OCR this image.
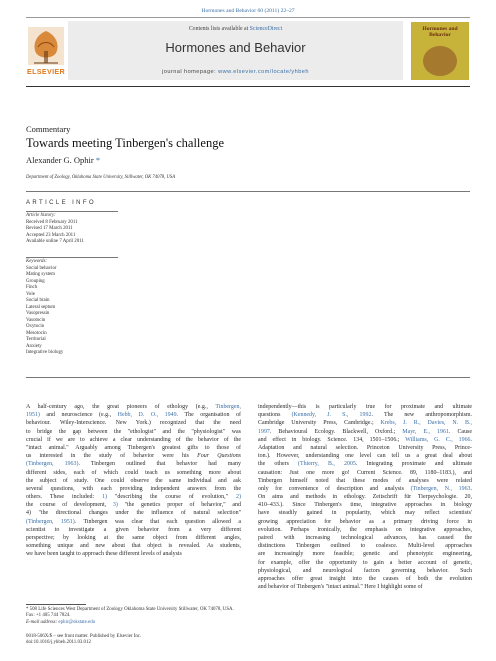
Hormones and Behavior 60 (2011) 22–27
ELSEVIER
Contents lists available at ScienceDirect
Hormones and Behavior
journal homepage: www.elsevier.com/locate/yhbeh
Hormones and Behavior
Commentary
Towards meeting Tinbergen's challenge
Alexander G. Ophir *
Department of Zoology, Oklahoma State University, Stillwater, OK 74078, USA
ARTICLE INFO
Article history:
Received 8 February 2011
Revised 17 March 2011
Accepted 23 March 2011
Available online 7 April 2011
Keywords:
Social behavior
Mating system
Grouping
Finch
Vole
Social brain
Lateral septum
Vasopressin
Vasotocin
Oxytocin
Mesotocin
Territorial
Anxiety
Integrative biology
A half-century ago, the great pioneers of ethology (e.g., Tinbergen,
1951) and neuroscience (e.g., Hebb, D. O., 1949. The organisation of
behaviour. Wiley-Interscience. New York.) recognized that the need
to bridge the gap between the "ethologist" and the "physiologist" was
crucial if we are to achieve a clear understanding of the behavior of the
"intact animal." Arguably among Tinbergen's greatest gifts to those of
us interested in the study of behavior were his Four Questions
(Tinbergen, 1963). Tinbergen outlined that behavior had many
different sides, each of which could teach us something more about
the subject of study. One could observe the same individual and ask
several questions, with each providing independent answers from the
others. These included: 1) "describing the course of evolution," 2)
the course of development, 3) "the genetics proper of behavior," and
4) "the directional changes under the influence of natural selection"
(Tinbergen, 1951). Tinbergen was clear that each question allowed a
scientist to investigate a given behavior from a very different
perspective; by looking at the same object from different angles,
something unique and new about that object is revealed. As students,
we have been taught to approach these different levels of analysis
independently—this is particularly true for proximate and ultimate
questions (Kennedy, J. S., 1992. The new anthropomorphism.
Cambridge University Press, Cambridge.; Krebs, J. R., Davies, N. B.,
1997. Behavioural Ecology. Blackwell, Oxford.; Mayr, E., 1961. Cause
and effect in biology. Science. 134, 1501–1506.; Williams, G. C., 1966.
Adaptation and natural selection. Princeton University Press, Prince-
ton.). However, understanding one level can tell us a great deal about
the others (Thierry, B., 2005. Integrating proximate and ultimate
causation: Just one more go! Current Science. 89, 1180–1183.), and
Tinbergen himself noted that these modes of analyses were related
only for convenience of description and analysis (Tinbergen, N., 1963.
On aims and methods in ethology. Zeitschrift für Tierpsychologie. 20,
410–433.). Since Tinbergen's time, integrative approaches in biology
have steadily gained in popularity, which may reflect scientists'
growing appreciation for behavior as a primary driving force in
evolution. Perhaps ironically, the emphasis on integrative approaches,
paired with increasing technological advances, has caused the
distinctions Tinbergen outlined to coalesce. Multi-level approaches
are increasingly more feasible; genetic and phenotypic engineering,
for example, offer the opportunity to gain a better account of genetic,
physiological, and neurological factors governing behavior. Such
approaches offer great insight into the causes of both the evolution
and behavior of Tinbergen's "intact animal." Here I highlight some of
* 508 Life Sciences West Department of Zoology Oklahoma State University Stillwater, OK 74078, USA. Fax: +1 405 744 7824.
E-mail address: ephir@okstate.edu
0018-506X/$ – see front matter. Published by Elsevier Inc.
doi:10.1016/j.yhbeh.2011.03.012
